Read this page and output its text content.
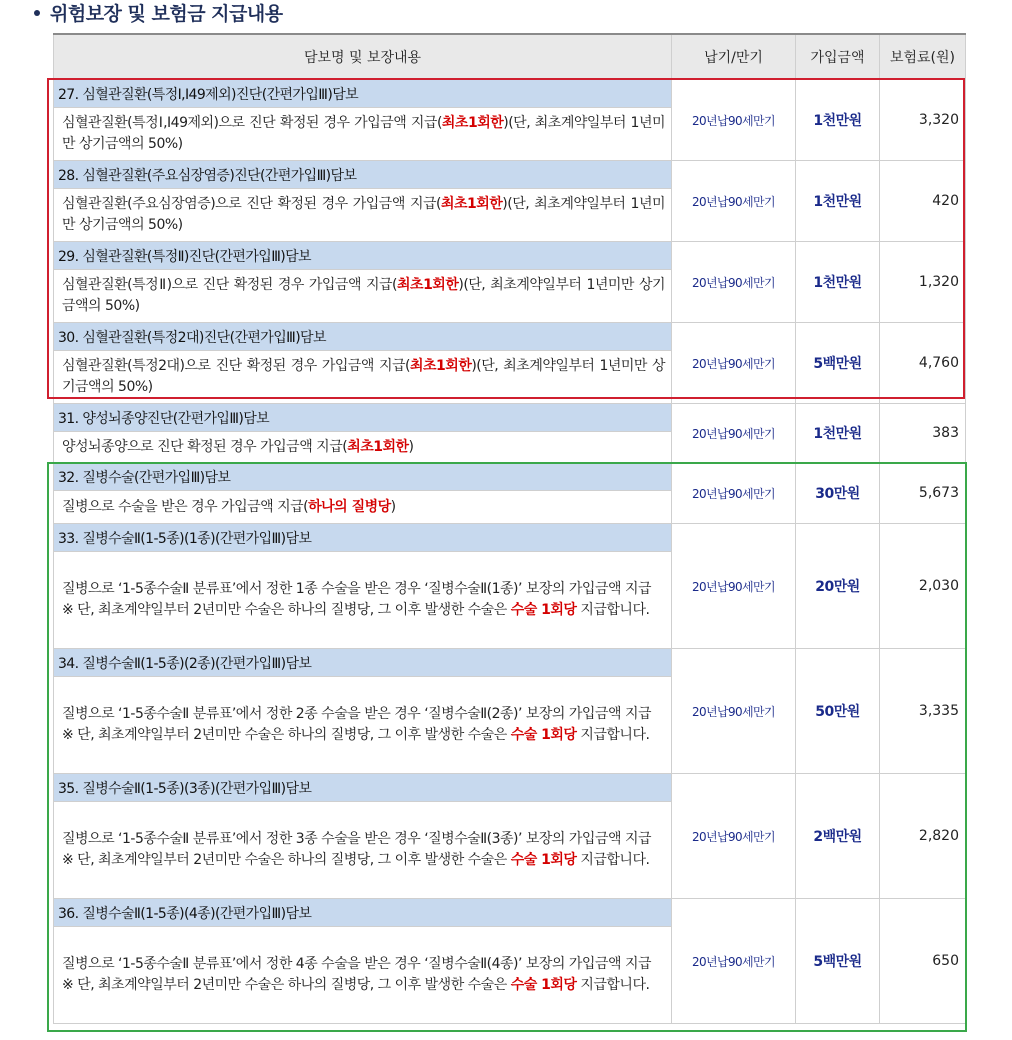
위험보장 및 보험금 지급내용
담보명 및 보장내용	납기/만기	가입금액	보험료(원)
27. 심혈관질환(특정Ⅰ,I49제외)진단(간편가입Ⅲ)담보	20년납90세만기	1천만원	3,320
심혈관질환(특정Ⅰ,I49제외)으로 진단 확정된 경우 가입금액 지급(최초1회한)(단, 최초계약일부터 1년미만 상기금액의 50%)			
28. 심혈관질환(주요심장염증)진단(간편가입Ⅲ)담보	20년납90세만기	1천만원	420
심혈관질환(주요심장염증)으로 진단 확정된 경우 가입금액 지급(최초1회한)(단, 최초계약일부터 1년미만 상기금액의 50%)			
29. 심혈관질환(특정Ⅱ)진단(간편가입Ⅲ)담보	20년납90세만기	1천만원	1,320
심혈관질환(특정Ⅱ)으로 진단 확정된 경우 가입금액 지급(최초1회한)(단, 최초계약일부터 1년미만 상기금액의 50%)			
30. 심혈관질환(특정2대)진단(간편가입Ⅲ)담보	20년납90세만기	5백만원	4,760
심혈관질환(특정2대)으로 진단 확정된 경우 가입금액 지급(최초1회한)(단, 최초계약일부터 1년미만 상기금액의 50%)			
31. 양성뇌종양진단(간편가입Ⅲ)담보	20년납90세만기	1천만원	383
양성뇌종양으로 진단 확정된 경우 가입금액 지급(최초1회한)			
32. 질병수술(간편가입Ⅲ)담보	20년납90세만기	30만원	5,673
질병으로 수술을 받은 경우 가입금액 지급(하나의 질병당)			
33. 질병수술Ⅱ(1-5종)(1종)(간편가입Ⅲ)담보	20년납90세만기	20만원	2,030
질병으로 ‘1-5종수술Ⅱ 분류표’에서 정한 1종 수술을 받은 경우 ‘질병수술Ⅱ(1종)’ 보장의 가입금액 지급
※ 단, 최초계약일부터 2년미만 수술은 하나의 질병당, 그 이후 발생한 수술은 수술 1회당 지급합니다.			
34. 질병수술Ⅱ(1-5종)(2종)(간편가입Ⅲ)담보	20년납90세만기	50만원	3,335
질병으로 ‘1-5종수술Ⅱ 분류표’에서 정한 2종 수술을 받은 경우 ‘질병수술Ⅱ(2종)’ 보장의 가입금액 지급
※ 단, 최초계약일부터 2년미만 수술은 하나의 질병당, 그 이후 발생한 수술은 수술 1회당 지급합니다.			
35. 질병수술Ⅱ(1-5종)(3종)(간편가입Ⅲ)담보	20년납90세만기	2백만원	2,820
질병으로 ‘1-5종수술Ⅱ 분류표’에서 정한 3종 수술을 받은 경우 ‘질병수술Ⅱ(3종)’ 보장의 가입금액 지급
※ 단, 최초계약일부터 2년미만 수술은 하나의 질병당, 그 이후 발생한 수술은 수술 1회당 지급합니다.			
36. 질병수술Ⅱ(1-5종)(4종)(간편가입Ⅲ)담보	20년납90세만기	5백만원	650
질병으로 ‘1-5종수술Ⅱ 분류표’에서 정한 4종 수술을 받은 경우 ‘질병수술Ⅱ(4종)’ 보장의 가입금액 지급
※ 단, 최초계약일부터 2년미만 수술은 하나의 질병당, 그 이후 발생한 수술은 수술 1회당 지급합니다.			
